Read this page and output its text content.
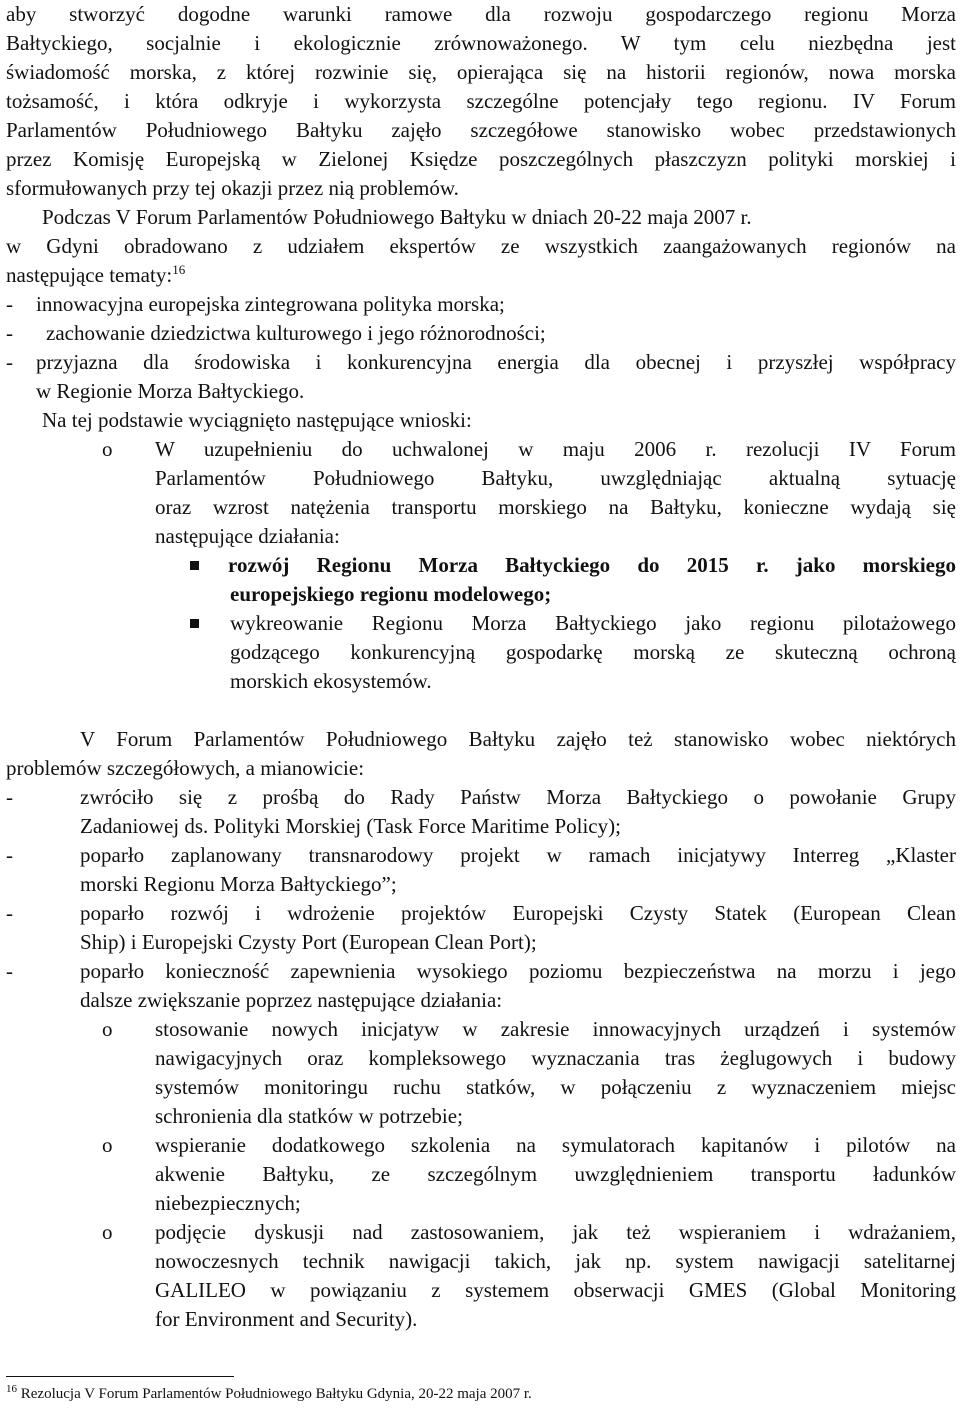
aby stworzyć dogodne warunki ramowe dla rozwoju gospodarczego regionu Morza
Bałtyckiego, socjalnie i ekologicznie zrównoważonego. W tym celu niezbędna jest
świadomość morska, z której rozwinie się, opierająca się na historii regionów, nowa morska
tożsamość, i która odkryje i wykorzysta szczególne potencjały tego regionu. IV Forum
Parlamentów Południowego Bałtyku zajęło szczegółowe stanowisko wobec przedstawionych
przez Komisję Europejską w Zielonej Księdze poszczególnych płaszczyzn polityki morskiej i
sformułowanych przy tej okazji przez nią problemów.
Podczas V Forum Parlamentów Południowego Bałtyku w dniach 20-22 maja 2007 r.
w Gdyni obradowano z udziałem ekspertów ze wszystkich zaangażowanych regionów na
następujące tematy:$^{16}$
- innowacyjna europejska zintegrowana polityka morska;
- zachowanie dziedzictwa kulturowego i jego różnorodności;
- przyjazna dla środowiska i konkurencyjna energia dla obecnej i przyszłej współpracy
w Regionie Morza Bałtyckiego.
Na tej podstawie wyciągnięto następujące wnioski:
o W uzupełnieniu do uchwalonej w maju 2006 r. rezolucji IV Forum
Parlamentów Południowego Bałtyku, uwzględniając aktualną sytuację
oraz wzrost natężenia transportu morskiego na Bałtyku, konieczne wydają się
następujące działania:
rozwój Regionu Morza Bałtyckiego do 2015 r. jako morskiego
europejskiego regionu modelowego;
wykreowanie Regionu Morza Bałtyckiego jako regionu pilotażowego
godzącego konkurencyjną gospodarkę morską ze skuteczną ochroną
morskich ekosystemów.
V Forum Parlamentów Południowego Bałtyku zajęło też stanowisko wobec niektórych
problemów szczegółowych, a mianowicie:
-	zwróciło się z prośbą do Rady Państw Morza Bałtyckiego o powołanie Grupy
Zadaniowej ds. Polityki Morskiej (Task Force Maritime Policy);
-	poparło zaplanowany transnarodowy projekt w ramach inicjatywy Interreg „Klaster
morski Regionu Morza Bałtyckiego”;
-	poparło rozwój i wdrożenie projektów Europejski Czysty Statek (European Clean
Ship) i Europejski Czysty Port (European Clean Port);
-	poparło konieczność zapewnienia wysokiego poziomu bezpieczeństwa na morzu i jego
dalsze zwiększanie poprzez następujące działania:
o stosowanie nowych inicjatyw w zakresie innowacyjnych urządzeń i systemów
nawigacyjnych oraz kompleksowego wyznaczania tras żeglugowych i budowy
systemów monitoringu ruchu statków, w połączeniu z wyznaczeniem miejsc
schronienia dla statków w potrzebie;
o wspieranie dodatkowego szkolenia na symulatorach kapitanów i pilotów na
akwenie Bałtyku, ze szczególnym uwzględnieniem transportu ładunków
niebezpiecznych;
o podjęcie dyskusji nad zastosowaniem, jak też wspieraniem i wdrażaniem,
nowoczesnych technik nawigacji takich, jak np. system nawigacji satelitarnej
GALILEO w powiązaniu z systemem obserwacji GMES (Global Monitoring
for Environment and Security).
$^{16}$ Rezolucja V Forum Parlamentów Południowego Bałtyku Gdynia, 20-22 maja 2007 r.
